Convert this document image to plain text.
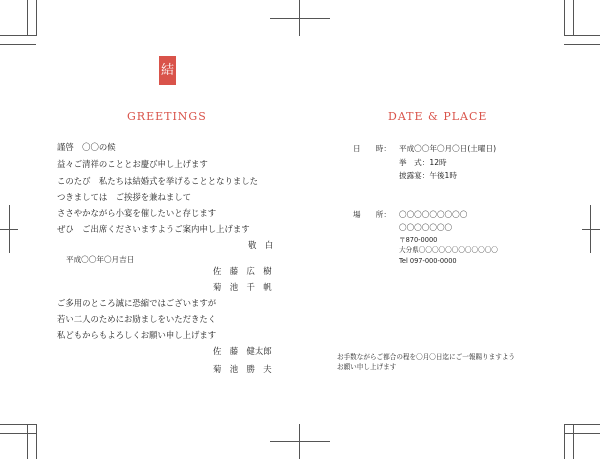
結
GREETINGS
謹啓　〇〇の候
益々ご清祥のこととお慶び申し上げます
このたび　私たちは結婚式を挙げることとなりました
つきましては　ご挨拶を兼ねまして
ささやかながら小宴を催したいと存じます
ぜひ　ご出席くださいますようご案内申し上げます
敬　白
平成〇〇年〇月吉日
佐　藤　広　樹
菊　池　千　帆
ご多用のところ誠に恐縮ではございますが
若い二人のためにお励ましをいただきたく
私どもからもよろしくお願い申し上げます
佐　藤　健太郎
菊　池　勝　夫
DATE & PLACE
日　　時： 平成〇〇年〇月〇日(土曜日)
挙　式：12時
披露宴：午後1時
場　　所： 〇〇〇〇〇〇〇〇〇
〇〇〇〇〇〇〇
〒870-0000
大分県〇〇〇〇〇〇〇〇〇〇〇〇
Tel 097-000-0000
お手数ながらご都合の程を〇月〇日迄にご一報賜りますよう
お願い申し上げます
